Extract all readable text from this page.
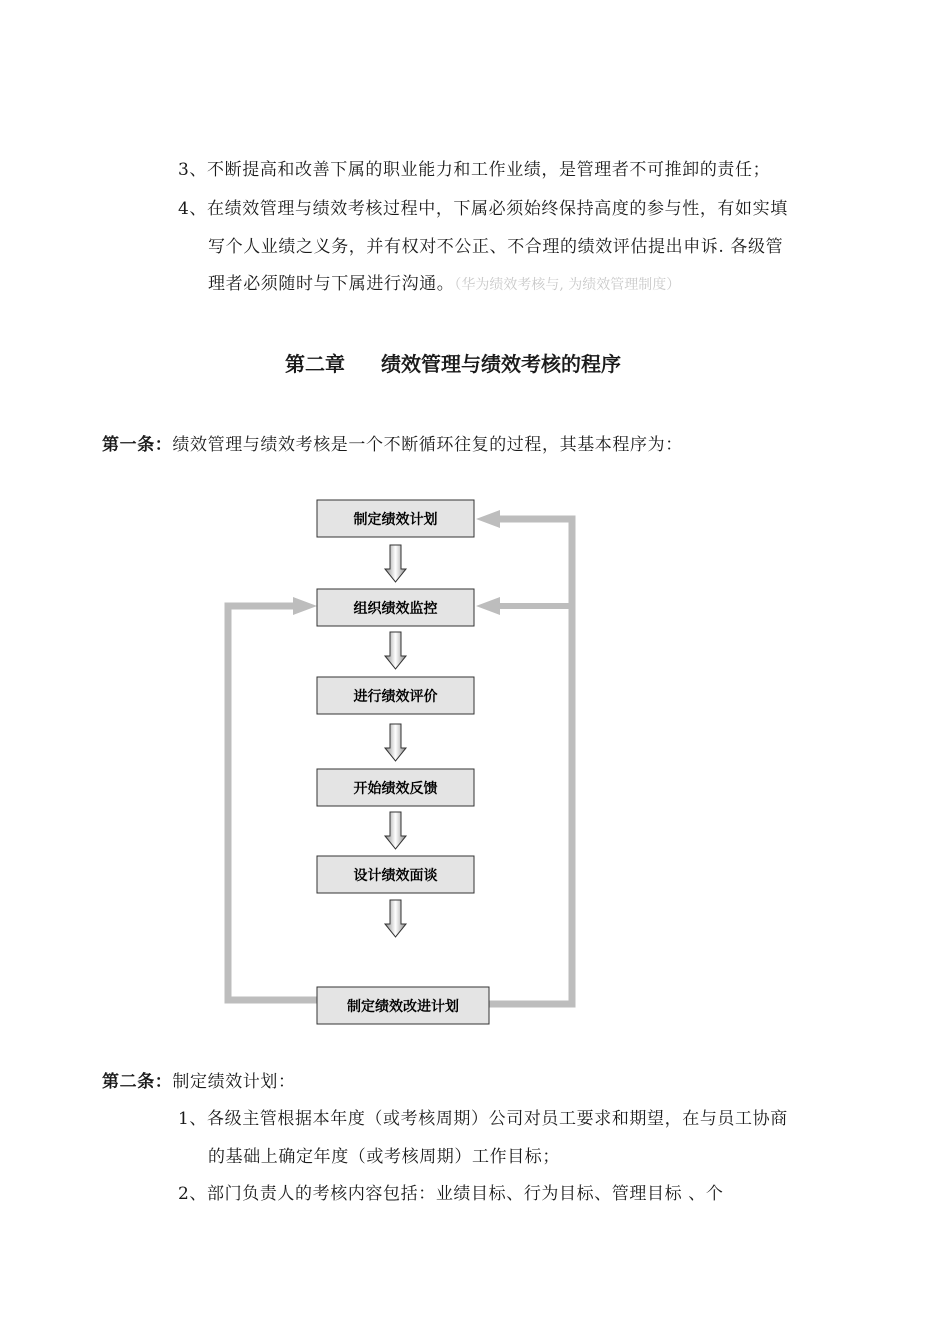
3、不断提高和改善下属的职业能力和工作业绩，是管理者不可推卸的责任；
4、在绩效管理与绩效考核过程中，下属必须始终保持高度的参与性，有如实填
写个人业绩之义务，并有权对不公正、不合理的绩效评估提出申诉. 各级管
理者必须随时与下属进行沟通。（华为绩效考核与, 为绩效管理制度）
第二章 绩效管理与绩效考核的程序
第一条：绩效管理与绩效考核是一个不断循环往复的过程，其基本程序为：
制定绩效计划
组织绩效监控
进行绩效评价
开始绩效反馈
设计绩效面谈
制定绩效改进计划
第二条：制定绩效计划：
1、各级主管根据本年度（或考核周期）公司对员工要求和期望，在与员工协商
的基础上确定年度（或考核周期）工作目标；
2、部门负责人的考核内容包括：业绩目标、行为目标、管理目标 、个
